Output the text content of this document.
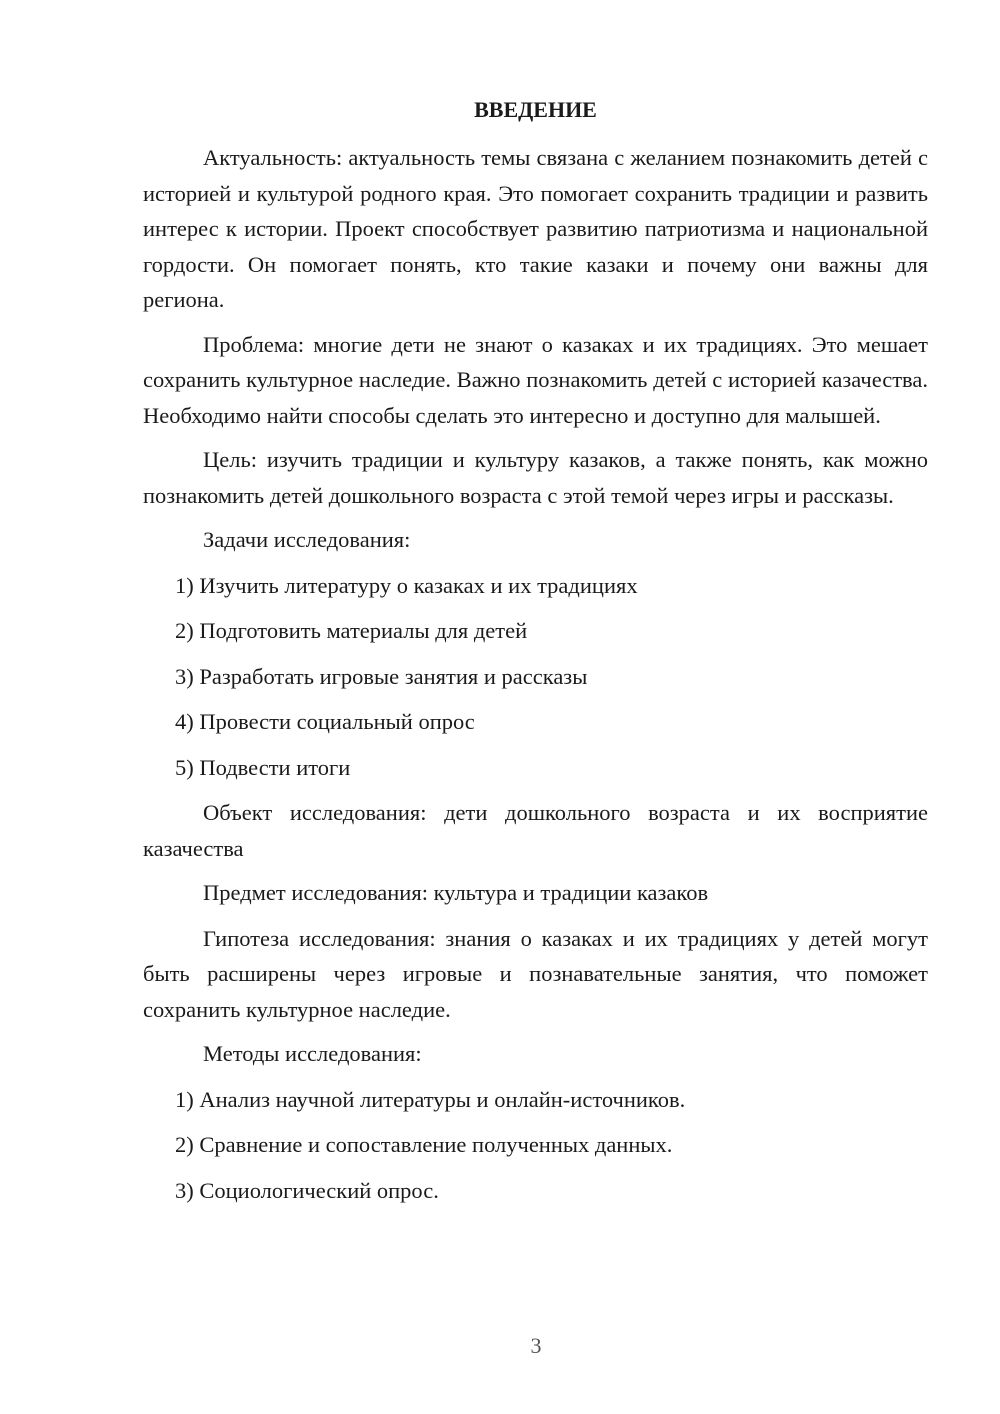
ВВЕДЕНИЕ
Актуальность: актуальность темы связана с желанием познакомить детей с историей и культурой родного края. Это помогает сохранить традиции и развить интерес к истории. Проект способствует развитию патриотизма и национальной гордости. Он помогает понять, кто такие казаки и почему они важны для региона.
Проблема: многие дети не знают о казаках и их традициях. Это мешает сохранить культурное наследие. Важно познакомить детей с историей казачества. Необходимо найти способы сделать это интересно и доступно для малышей.
Цель: изучить традиции и культуру казаков, а также понять, как можно познакомить детей дошкольного возраста с этой темой через игры и рассказы.
Задачи исследования:
1) Изучить литературу о казаках и их традициях
2) Подготовить материалы для детей
3) Разработать игровые занятия и рассказы
4) Провести социальный опрос
5) Подвести итоги
Объект исследования: дети дошкольного возраста и их восприятие казачества
Предмет исследования: культура и традиции казаков
Гипотеза исследования: знания о казаках и их традициях у детей могут быть расширены через игровые и познавательные занятия, что поможет сохранить культурное наследие.
Методы исследования:
1) Анализ научной литературы и онлайн-источников.
2) Сравнение и сопоставление полученных данных.
3) Социологический опрос.
3
